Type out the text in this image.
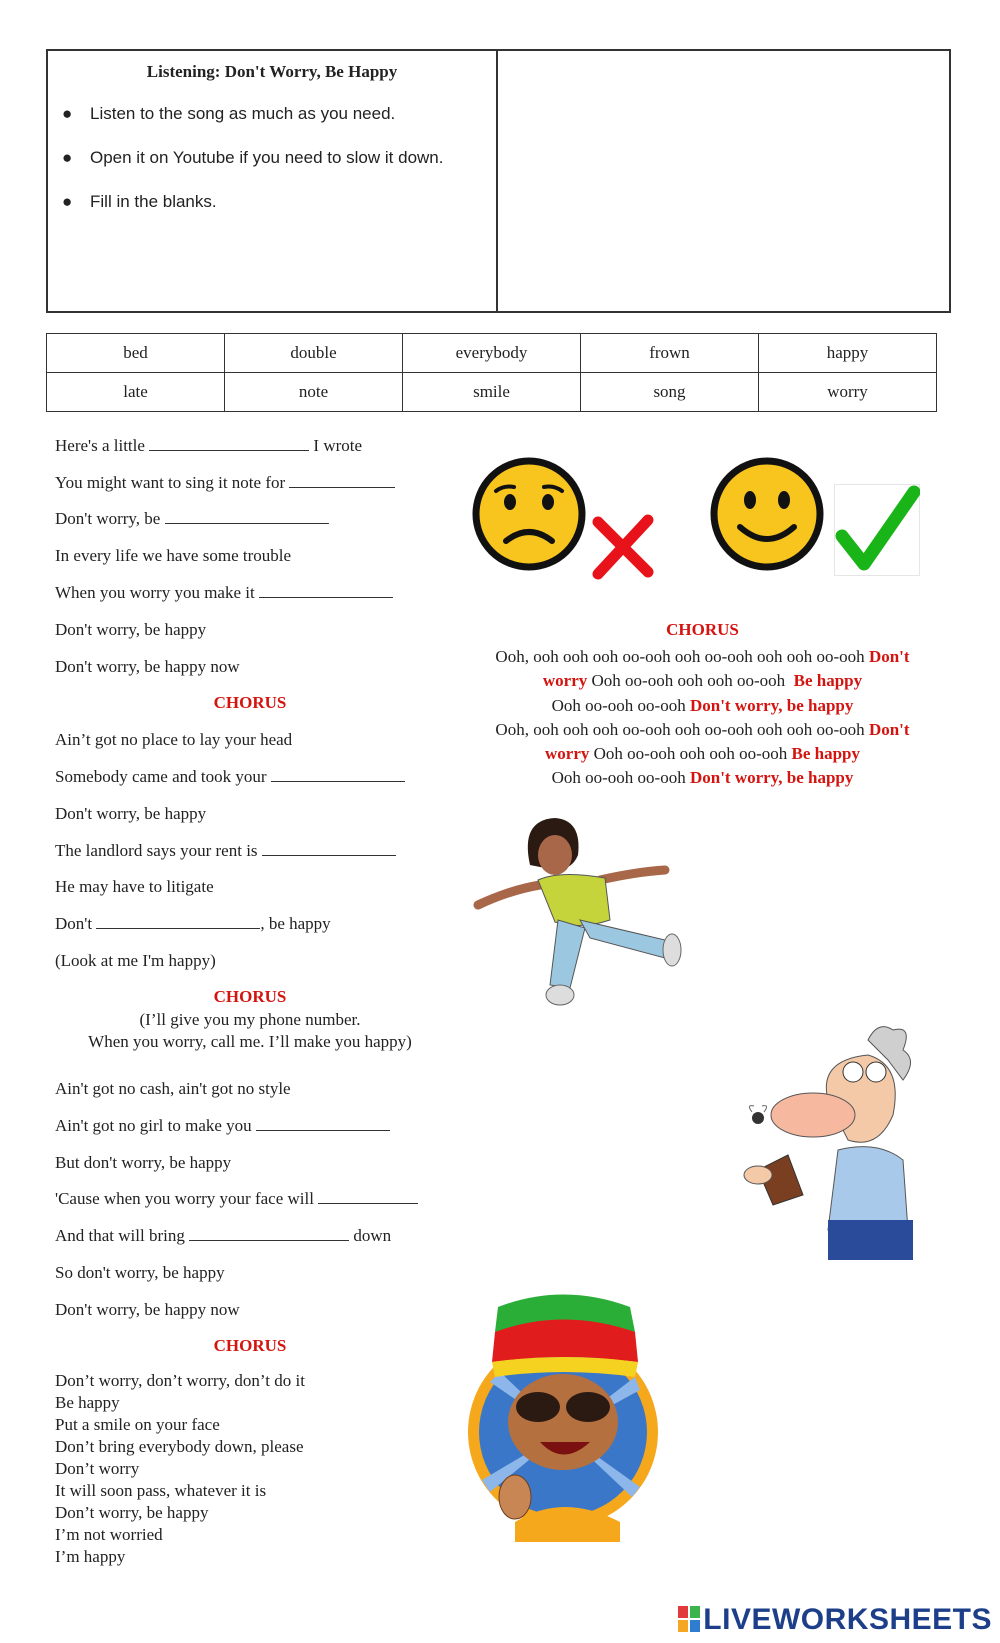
Listening: Don't Worry, Be Happy
● Listen to the song as much as you need.
● Open it on Youtube if you need to slow it down.
● Fill in the blanks.
bed	double	everybody	frown	happy
late	note	smile	song	worry
Here's a little	I wrote
You might want to sing it note for
Don't worry, be
In every life we have some trouble
When you worry you make it
Don't worry, be happy
Don't worry, be happy now
CHORUS
Ain’t got no place to lay your head
Somebody came and took your
Don't worry, be happy
The landlord says your rent is
He may have to litigate
Don't	, be happy
(Look at me I'm happy)
CHORUS
(I’ll give you my phone number.
When you worry, call me. I’ll make you happy)
Ain't got no cash, ain't got no style
Ain't got no girl to make you
But don't worry, be happy
'Cause when you worry your face will
And that will bring	down
So don't worry, be happy
Don't worry, be happy now
CHORUS
Don’t worry, don’t worry, don’t do it
Be happy
Put a smile on your face
Don’t bring everybody down, please
Don’t worry
It will soon pass, whatever it is
Don’t worry, be happy
I’m not worried
I’m happy
CHORUS
Ooh, ooh ooh ooh oo-ooh ooh oo-ooh ooh ooh oo-ooh Don't
worry Ooh oo-ooh ooh ooh oo-ooh Be happy
Ooh oo-ooh oo-ooh Don't worry, be happy
Ooh, ooh ooh ooh oo-ooh ooh oo-ooh ooh ooh oo-ooh Don't
worry Ooh oo-ooh ooh ooh oo-ooh Be happy
Ooh oo-ooh oo-ooh Don't worry, be happy
LIVEWORKSHEETS
